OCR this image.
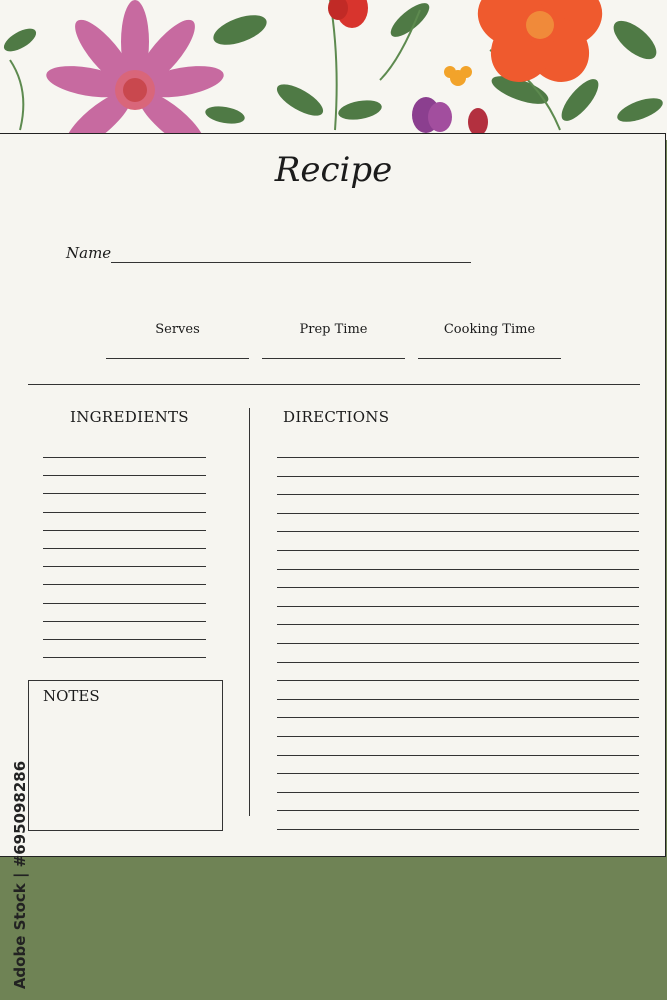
Recipe
Name
Serves	Prep Time	Cooking Time
INGREDIENTS	DIRECTIONS
NOTES
Adobe Stock | #695098286
